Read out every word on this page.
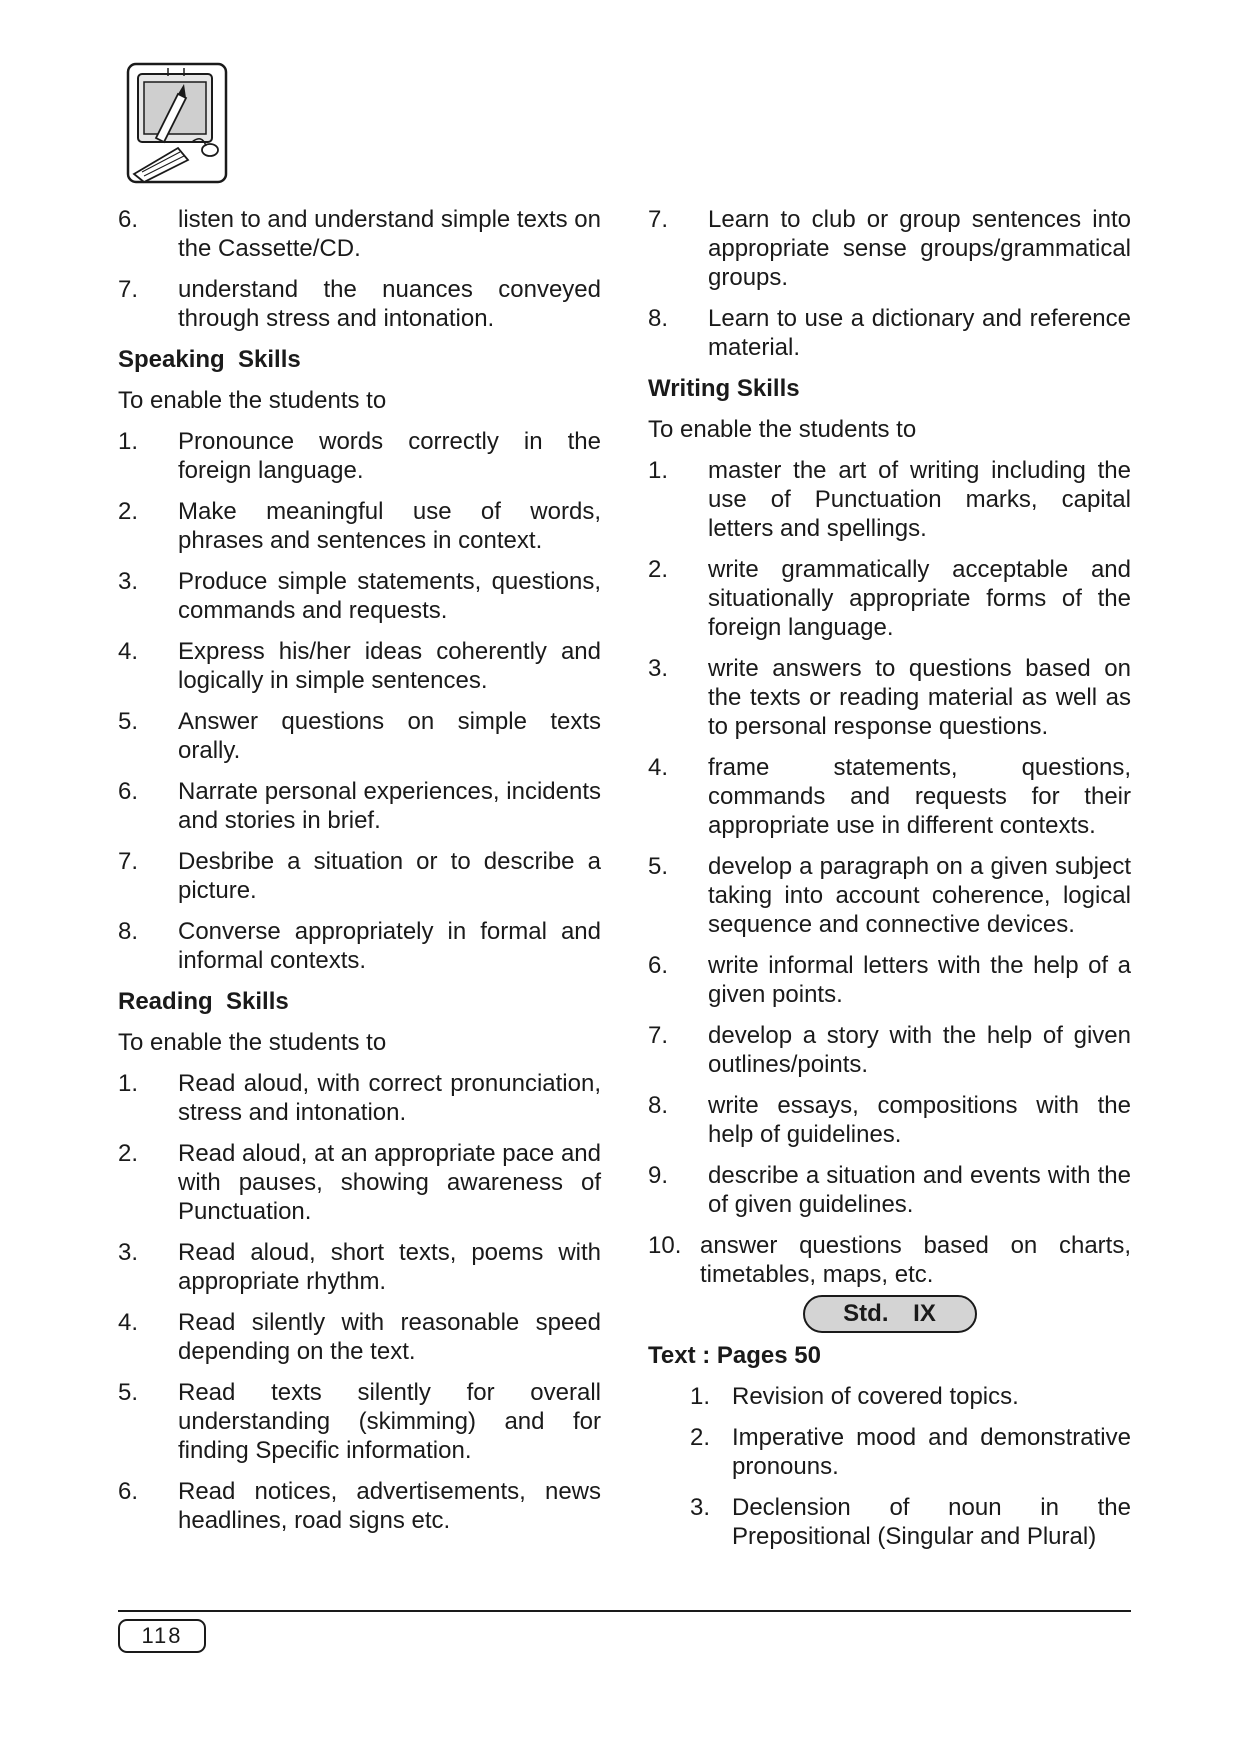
6.	listen to and understand simple texts on the Cassette/CD.
7.	understand the nuances conveyed through stress and intonation.
Speaking  Skills
To enable the students to
1.	Pronounce words correctly in the foreign language.
2.	Make meaningful use of words, phrases and sentences in context.
3.	Produce simple statements, questions, commands and requests.
4.	Express his/her ideas coherently and logically in simple sentences.
5.	Answer questions on simple texts orally.
6.	Narrate personal experiences, incidents and stories in brief.
7.	Desbribe a situation or to describe a picture.
8.	Converse appropriately in formal and informal contexts.
Reading  Skills
To enable the students to
1.	Read aloud, with correct pronunciation, stress and intonation.
2.	Read aloud, at an appropriate pace and with pauses, showing awareness of Punctuation.
3.	Read aloud, short texts, poems with appropriate rhythm.
4.	Read silently with reasonable speed depending on the text.
5.	Read texts silently for overall understanding (skimming) and for finding Specific information.
6.	Read notices, advertisements, news headlines, road signs etc.
7.	Learn to club or group sentences into appropriate sense groups/grammatical groups.
8.	Learn to use a dictionary and reference material.
Writing Skills
To enable the students to
1.	master the art of writing including the use of Punctuation marks, capital letters and spellings.
2.	write grammatically acceptable and situationally appropriate forms of the foreign language.
3.	write answers to questions based on the texts or reading material as well as to personal response questions.
4.	frame statements, questions, commands and requests for their appropriate use in different contexts.
5.	develop a paragraph on a given subject taking into account coherence, logical sequence and connective devices.
6.	write informal letters with the help of a given points.
7.	develop a story with the help of given outlines/points.
8.	write essays, compositions with the help of guidelines.
9.	describe a situation and events with the of given guidelines.
10. answer questions based on charts, timetables, maps, etc.
Std. IX
Text : Pages 50
1. Revision of covered topics.
2. Imperative mood and demonstrative pronouns.
3. Declension of noun in the Prepositional (Singular and Plural)
118
